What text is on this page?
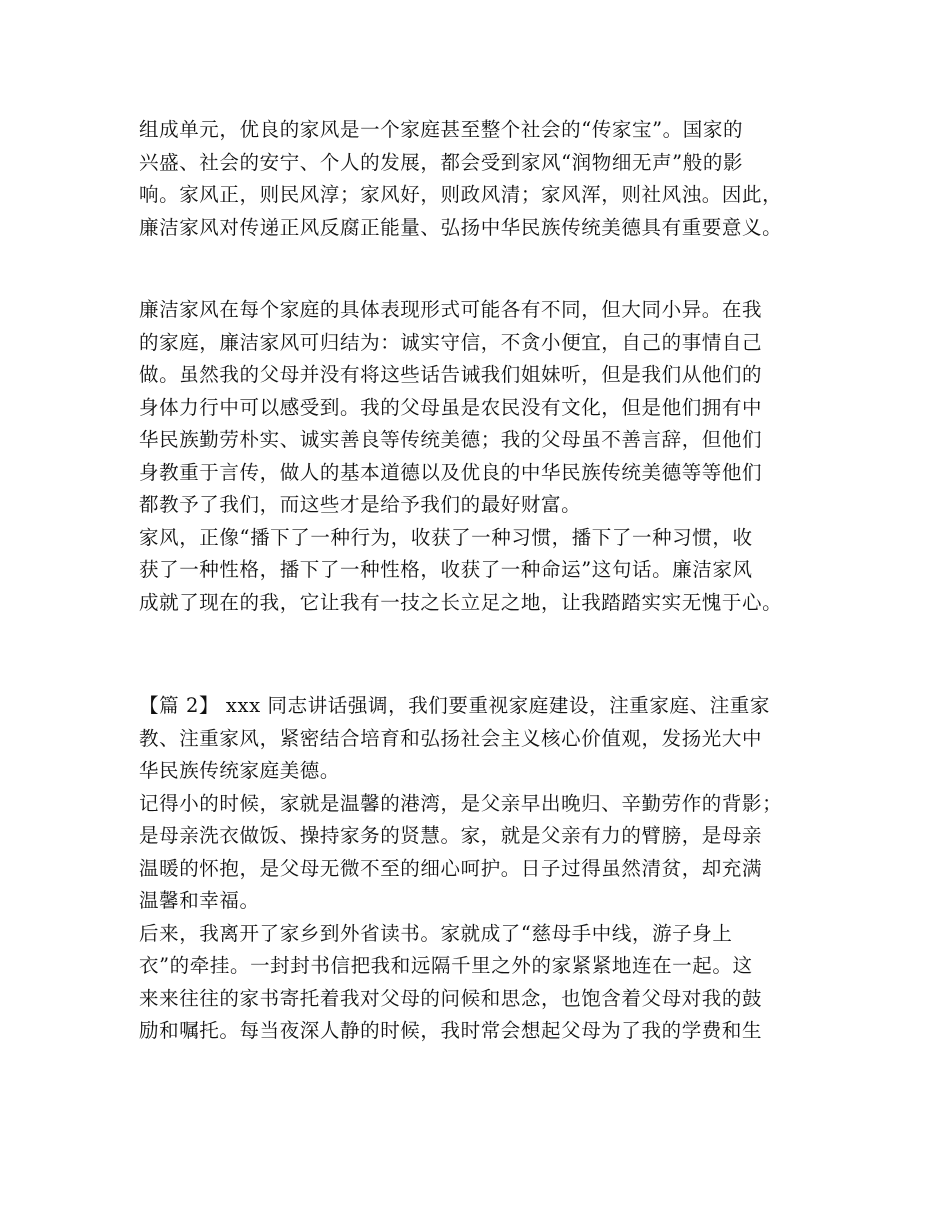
组成单元，优良的家风是一个家庭甚至整个社会的“传家宝”。国家的
兴盛、社会的安宁、个人的发展，都会受到家风“润物细无声”般的影
响。家风正，则民风淳；家风好，则政风清；家风浑，则社风浊。因此，
廉洁家风对传递正风反腐正能量、弘扬中华民族传统美德具有重要意义。
廉洁家风在每个家庭的具体表现形式可能各有不同，但大同小异。在我
的家庭，廉洁家风可归结为：诚实守信，不贪小便宜，自己的事情自己
做。虽然我的父母并没有将这些话告诫我们姐妹听，但是我们从他们的
身体力行中可以感受到。我的父母虽是农民没有文化，但是他们拥有中
华民族勤劳朴实、诚实善良等传统美德；我的父母虽不善言辞，但他们
身教重于言传，做人的基本道德以及优良的中华民族传统美德等等他们
都教予了我们，而这些才是给予我们的最好财富。
家风，正像“播下了一种行为，收获了一种习惯，播下了一种习惯，收
获了一种性格，播下了一种性格，收获了一种命运”这句话。廉洁家风
成就了现在的我，它让我有一技之长立足之地，让我踏踏实实无愧于心。
【篇 2】 xxx 同志讲话强调，我们要重视家庭建设，注重家庭、注重家
教、注重家风，紧密结合培育和弘扬社会主义核心价值观，发扬光大中
华民族传统家庭美德。
记得小的时候，家就是温馨的港湾，是父亲早出晚归、辛勤劳作的背影；
是母亲洗衣做饭、操持家务的贤慧。家，就是父亲有力的臂膀，是母亲
温暖的怀抱，是父母无微不至的细心呵护。日子过得虽然清贫，却充满
温馨和幸福。
后来，我离开了家乡到外省读书。家就成了“慈母手中线，游子身上
衣”的牵挂。一封封书信把我和远隔千里之外的家紧紧地连在一起。这
来来往往的家书寄托着我对父母的问候和思念，也饱含着父母对我的鼓
励和嘱托。每当夜深人静的时候，我时常会想起父母为了我的学费和生
